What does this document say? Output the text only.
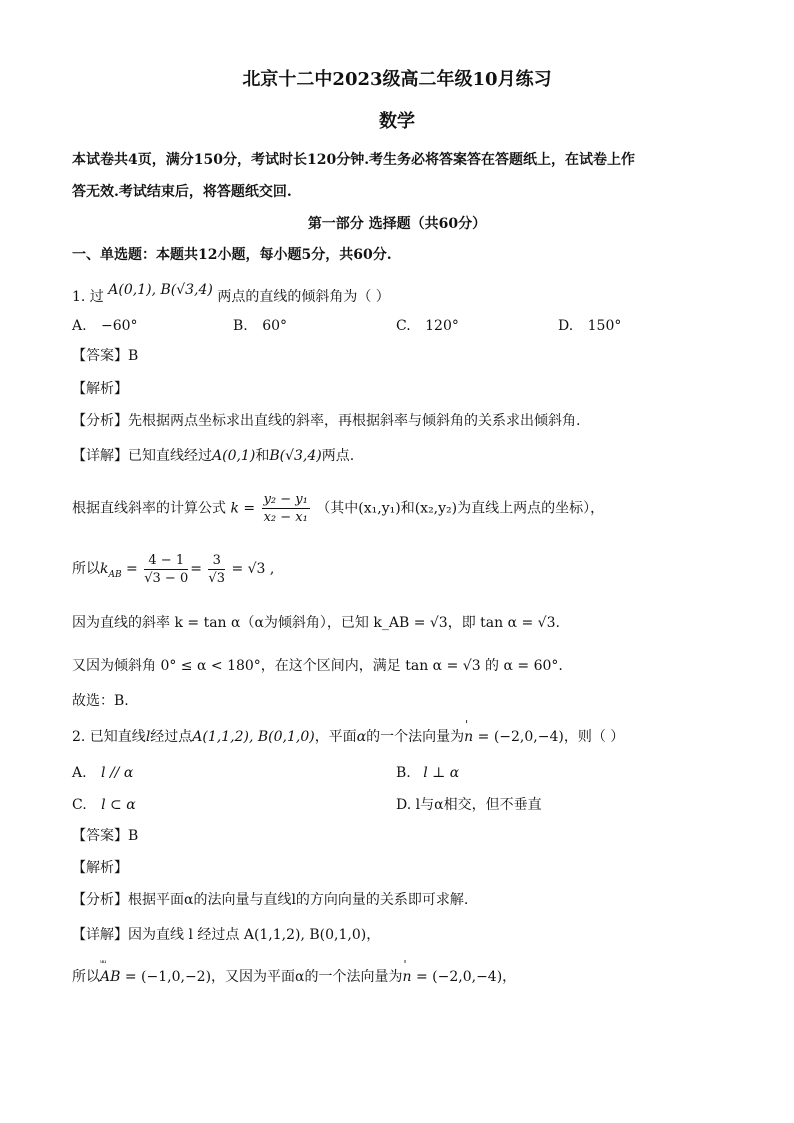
北京十二中2023级高二年级10月练习
数学
本试卷共4页，满分150分，考试时长120分钟.考生务必将答案答在答题纸上，在试卷上作
答无效.考试结束后，将答题纸交回.
第一部分 选择题（共60分）
一、单选题：本题共12小题，每小题5分，共60分.
1. 过 A(0,1), B(√3,4) 两点的直线的倾斜角为（ ）
A. −60°	B. 60°	C. 120°	D. 150°
【答案】B
【解析】
【分析】先根据两点坐标求出直线的斜率，再根据斜率与倾斜角的关系求出倾斜角.
【详解】已知直线经过A(0,1)和B(√3,4)两点.
根据直线斜率的计算公式 $k = \frac{\text{y₂ − y₁}}{\text{x₂ − x₁}}$ （其中(x₁,y₁)和(x₂,y₂)为直线上两点的坐标），
所以$k_{AB} = \frac{4 - 1}{√3 - 0} = \frac{3}{√3} = √3$ ,
因为直线的斜率 k = tan α（α为倾斜角），已知 k_AB = √3，即 tan α = √3.
又因为倾斜角 0° ≤ α < 180°，在这个区间内，满足 tan α = √3 的 α = 60°.
故选：B.
2. 已知直线l经过点A(1,1,2), B(0,1,0)，平面α的一个法向量为' n = (−2,0,−4)，则（ ）
A. l // α	B. l ⊥ α
C. l ⊂ α	D. l与α相交，但不垂直
【答案】B
【解析】
【分析】根据平面α的法向量与直线l的方向向量的关系即可求解.
【详解】因为直线 l 经过点 A(1,1,2), B(0,1,0)，
所以ᵘᵘ AB = (−1,0,−2)，又因为平面α的一个法向量为' n = (−2,0,−4)，
